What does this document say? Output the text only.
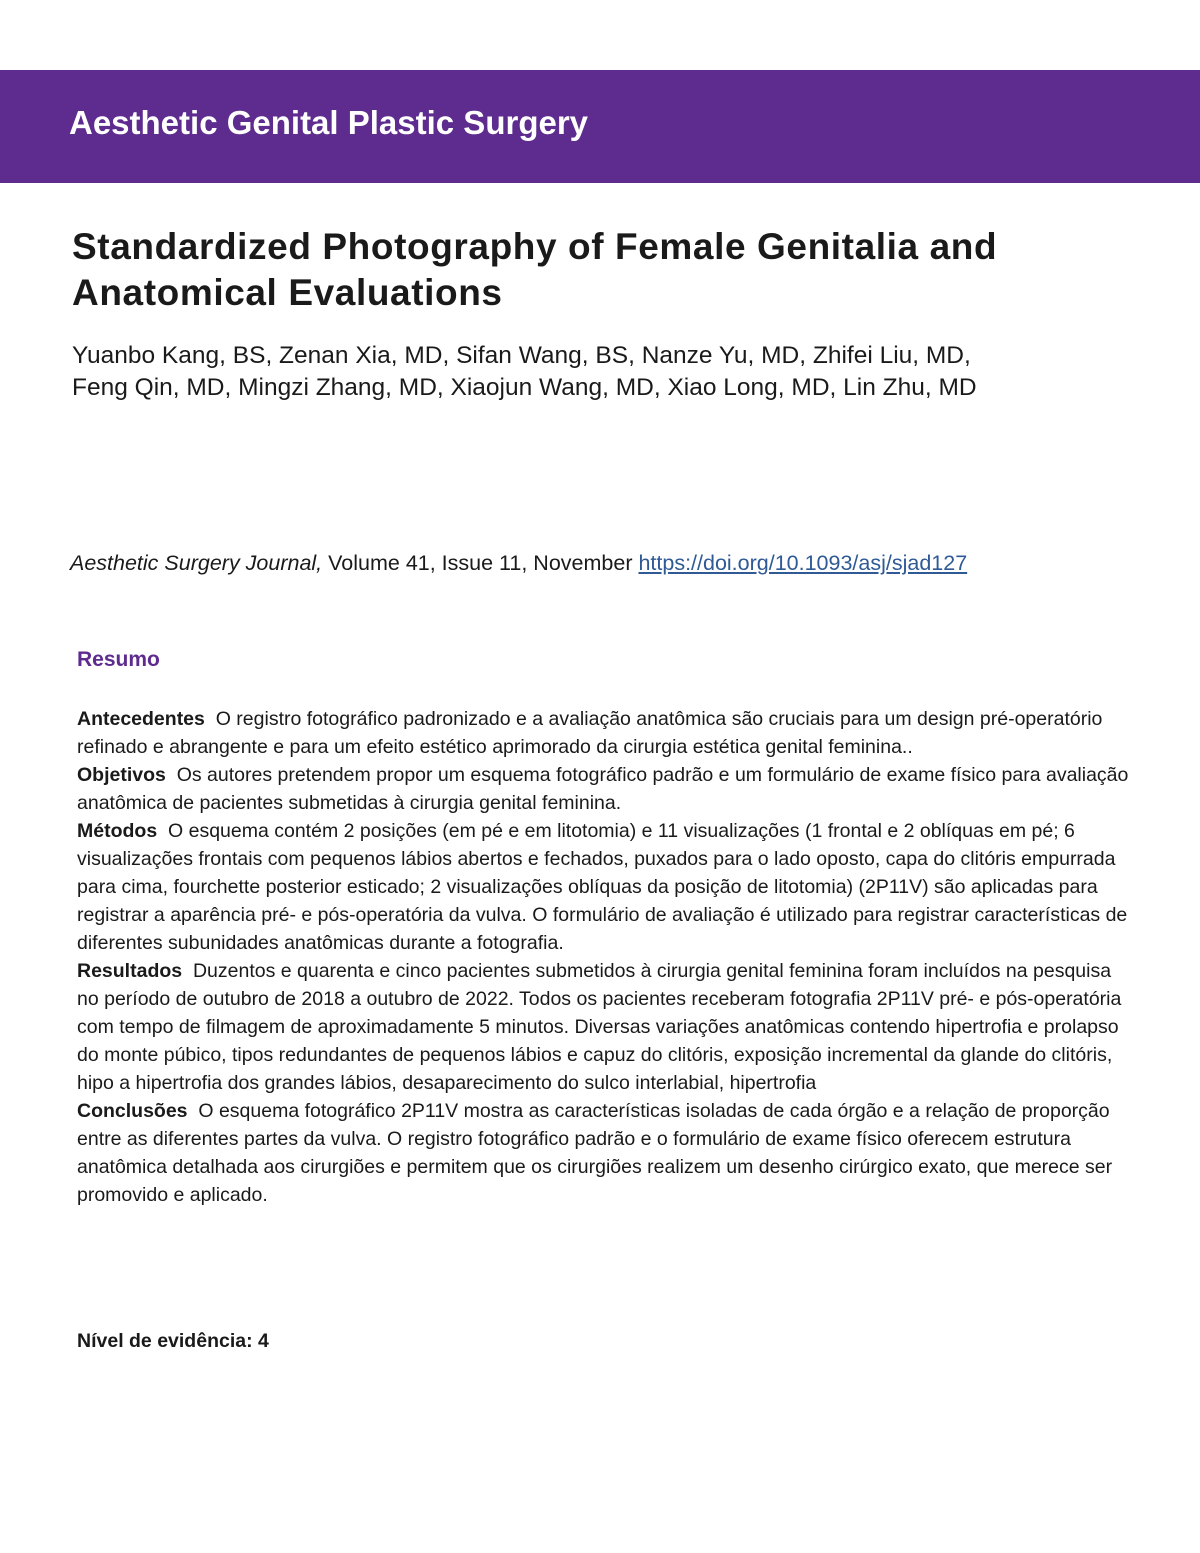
Aesthetic Genital Plastic Surgery
Standardized Photography of Female Genitalia and Anatomical Evaluations
Yuanbo Kang, BS, Zenan Xia, MD, Sifan Wang, BS, Nanze Yu, MD, Zhifei Liu, MD,
Feng Qin, MD, Mingzi Zhang, MD, Xiaojun Wang, MD, Xiao Long, MD, Lin Zhu, MD
Aesthetic Surgery Journal, Volume 41, Issue 11, November https://doi.org/10.1093/asj/sjad127
Resumo

Antecedentes O registro fotográfico padronizado e a avaliação anatômica são cruciais para um design pré-operatório refinado e abrangente e para um efeito estético aprimorado da cirurgia estética genital feminina..

Objetivos Os autores pretendem propor um esquema fotográfico padrão e um formulário de exame físico para avaliação anatômica de pacientes submetidas à cirurgia genital feminina.

Métodos O esquema contém 2 posições (em pé e em litotomia) e 11 visualizações (1 frontal e 2 oblíquas em pé; 6 visualizações frontais com pequenos lábios abertos e fechados, puxados para o lado oposto, capa do clitóris empurrada para cima, fourchette posterior esticado; 2 visualizações oblíquas da posição de litotomia) (2P11V) são aplicadas para registrar a aparência pré- e pós-operatória da vulva. O formulário de avaliação é utilizado para registrar características de diferentes subunidades anatômicas durante a fotografia.

Resultados Duzentos e quarenta e cinco pacientes submetidos à cirurgia genital feminina foram incluídos na pesquisa no período de outubro de 2018 a outubro de 2022. Todos os pacientes receberam fotografia 2P11V pré- e pós-operatória com tempo de filmagem de aproximadamente 5 minutos. Diversas variações anatômicas contendo hipertrofia e prolapso do monte púbico, tipos redundantes de pequenos lábios e capuz do clitóris, exposição incremental da glande do clitóris, hipo a hipertrofia dos grandes lábios, desaparecimento do sulco interlabial, hipertrofia

Conclusões O esquema fotográfico 2P11V mostra as características isoladas de cada órgão e a relação de proporção entre as diferentes partes da vulva. O registro fotográfico padrão e o formulário de exame físico oferecem estrutura anatômica detalhada aos cirurgiões e permitem que os cirurgiões realizem um desenho cirúrgico exato, que merece ser promovido e aplicado.

Nível de evidência: 4
